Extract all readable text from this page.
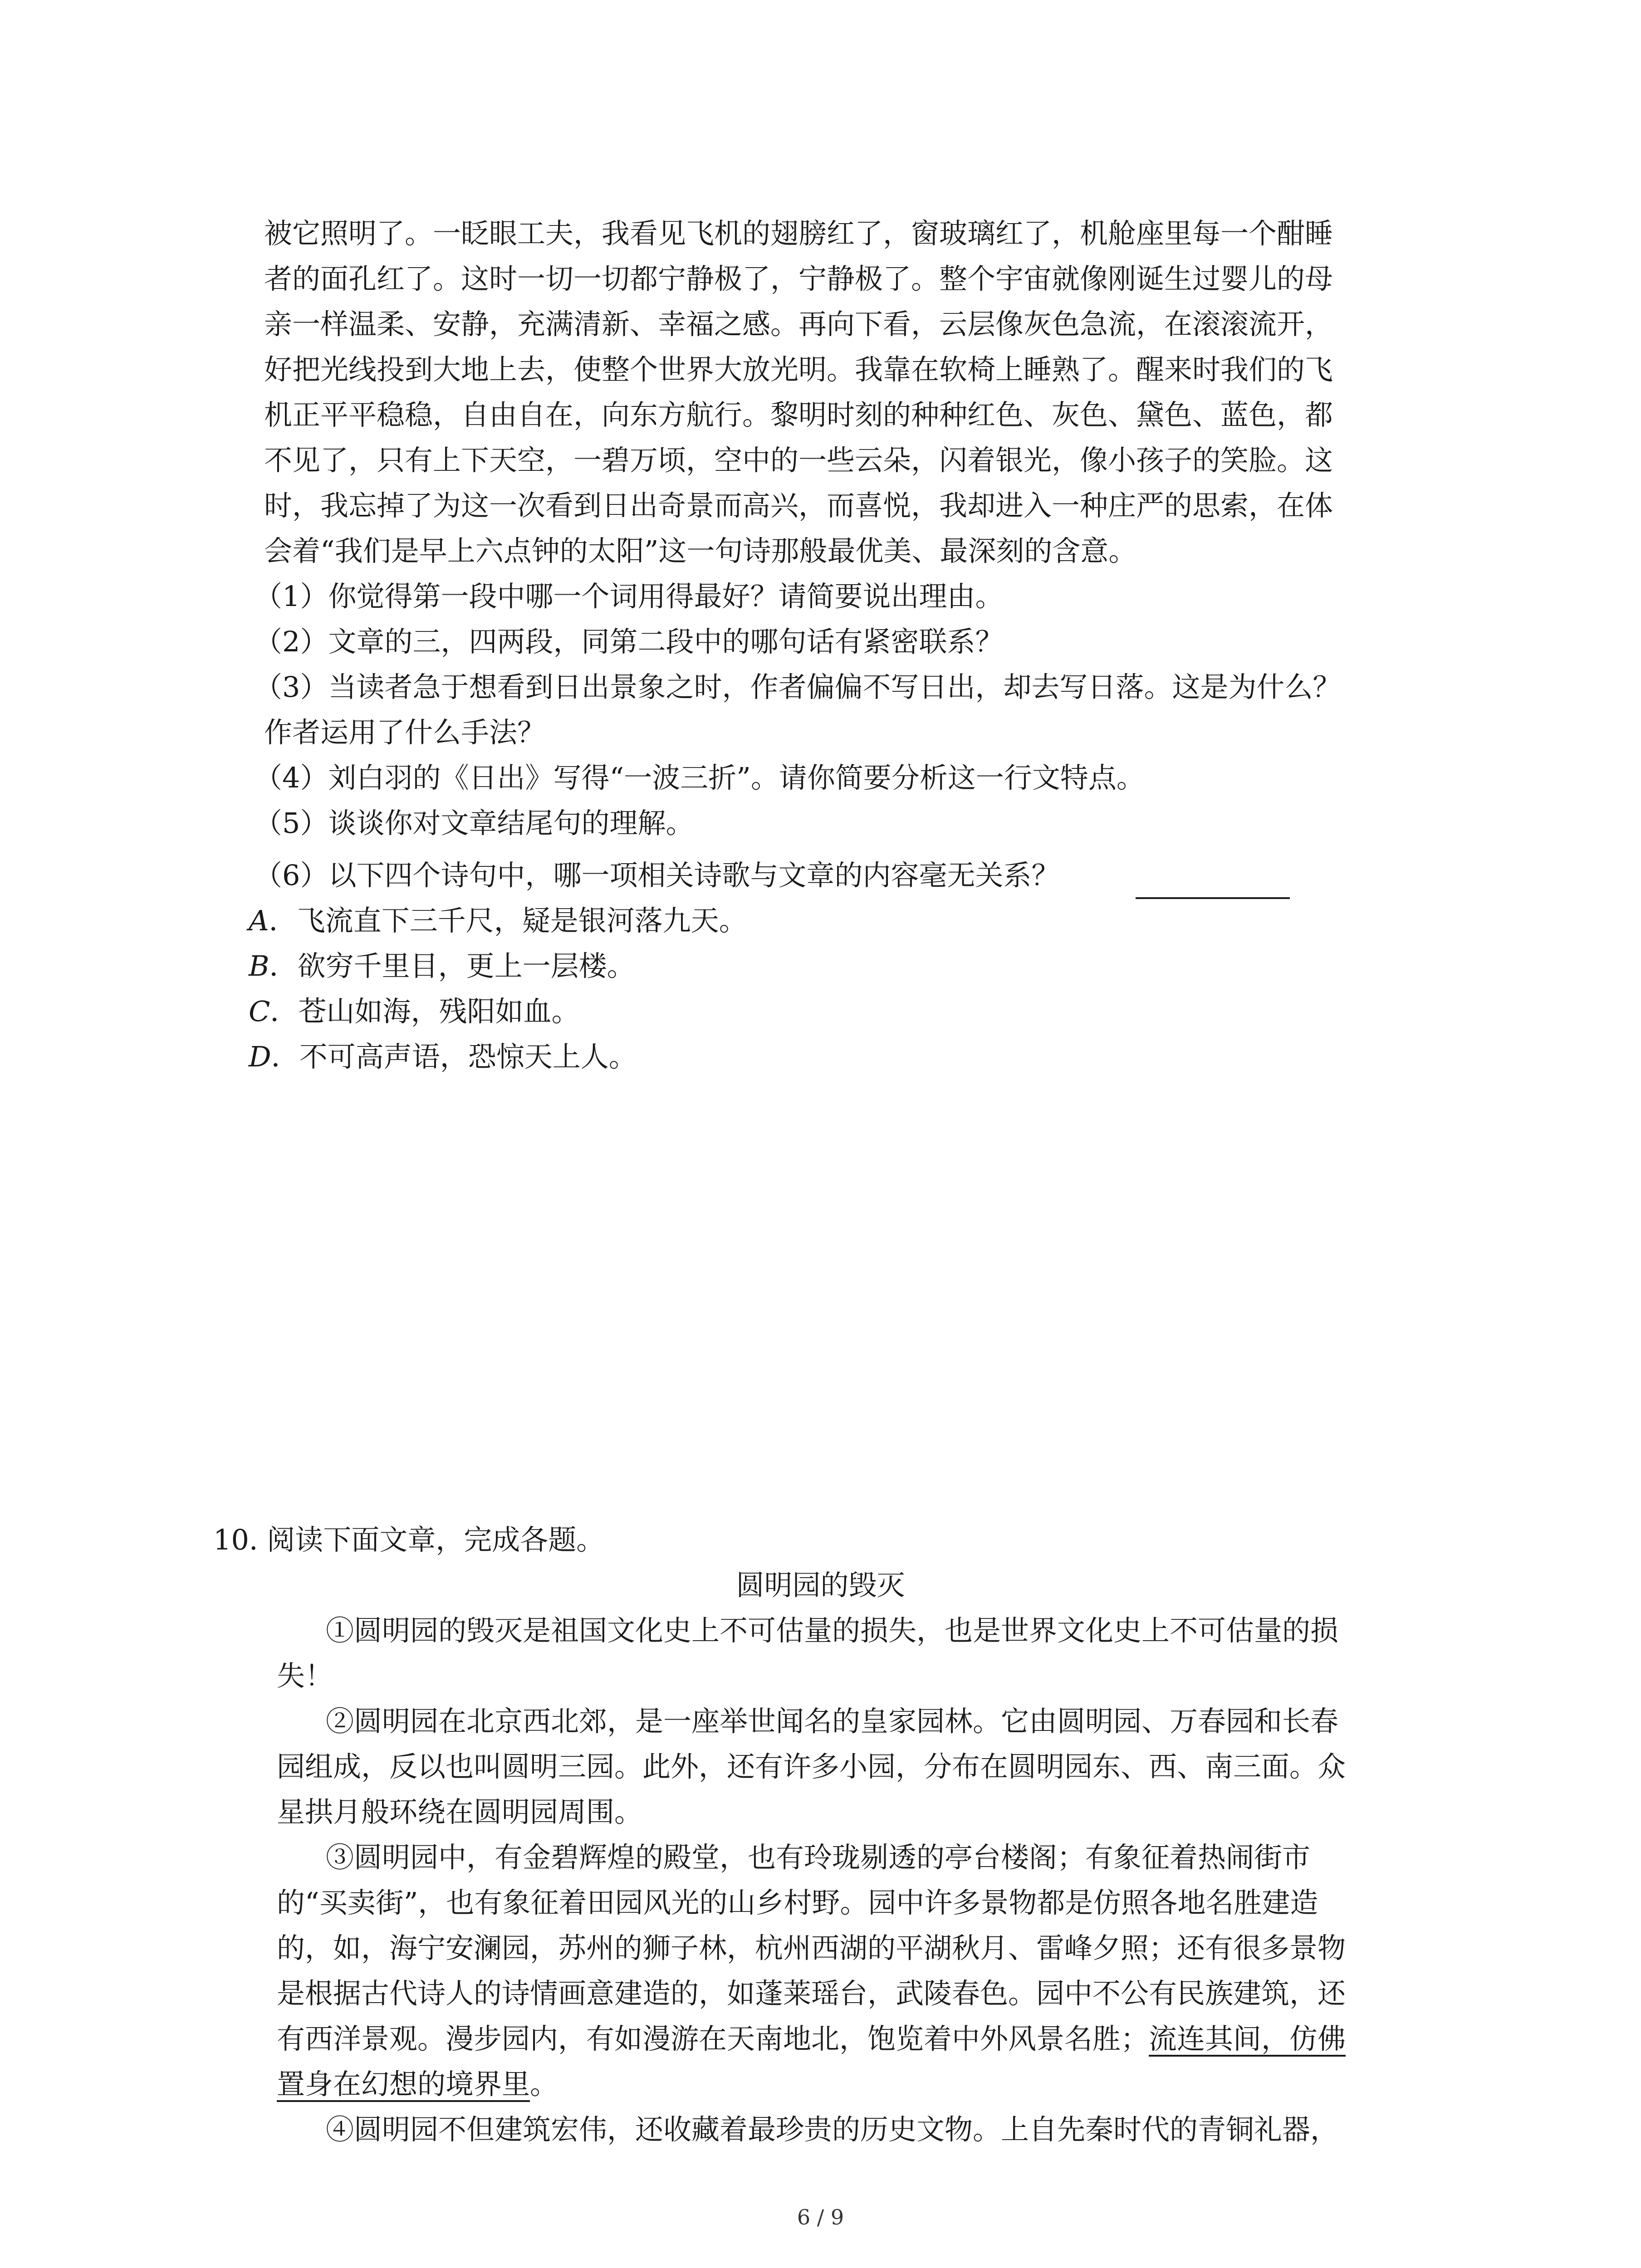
被它照明了。一眨眼工夫，我看见飞机的翅膀红了，窗玻璃红了，机舱座里每一个酣睡
者的面孔红了。这时一切一切都宁静极了，宁静极了。整个宇宙就像刚诞生过婴儿的母
亲一样温柔、安静，充满清新、幸福之感。再向下看，云层像灰色急流，在滚滚流开，
好把光线投到大地上去，使整个世界大放光明。我靠在软椅上睡熟了。醒来时我们的飞
机正平平稳稳，自由自在，向东方航行。黎明时刻的种种红色、灰色、黛色、蓝色，都
不见了，只有上下天空，一碧万顷，空中的一些云朵，闪着银光，像小孩子的笑脸。这
时，我忘掉了为这一次看到日出奇景而高兴，而喜悦，我却进入一种庄严的思索，在体
会着“我们是早上六点钟的太阳”这一句诗那般最优美、最深刻的含意。
（1）你觉得第一段中哪一个词用得最好？请简要说出理由。
（2）文章的三，四两段，同第二段中的哪句话有紧密联系？
（3）当读者急于想看到日出景象之时，作者偏偏不写日出，却去写日落。这是为什么？
作者运用了什么手法？
（4）刘白羽的《日出》写得“一波三折”。请你简要分析这一行文特点。
（5）谈谈你对文章结尾句的理解。
（6）以下四个诗句中，哪一项相关诗歌与文章的内容毫无关系？
A．飞流直下三千尺，疑是银河落九天。
B．欲穷千里目，更上一层楼。
C．苍山如海，残阳如血。
D．不可高声语，恐惊天上人。
10. 阅读下面文章，完成各题。
圆明园的毁灭
①圆明园的毁灭是祖国文化史上不可估量的损失，也是世界文化史上不可估量的损
失！
②圆明园在北京西北郊，是一座举世闻名的皇家园林。它由圆明园、万春园和长春
园组成，反以也叫圆明三园。此外，还有许多小园，分布在圆明园东、西、南三面。众
星拱月般环绕在圆明园周围。
③圆明园中，有金碧辉煌的殿堂，也有玲珑剔透的亭台楼阁；有象征着热闹街市
的“买卖街”，也有象征着田园风光的山乡村野。园中许多景物都是仿照各地名胜建造
的，如，海宁安澜园，苏州的狮子林，杭州西湖的平湖秋月、雷峰夕照；还有很多景物
是根据古代诗人的诗情画意建造的，如蓬莱瑶台，武陵春色。园中不公有民族建筑，还
有西洋景观。漫步园内，有如漫游在天南地北，饱览着中外风景名胜；流连其间，仿佛
置身在幻想的境界里。
④圆明园不但建筑宏伟，还收藏着最珍贵的历史文物。上自先秦时代的青铜礼器，
6 / 9
